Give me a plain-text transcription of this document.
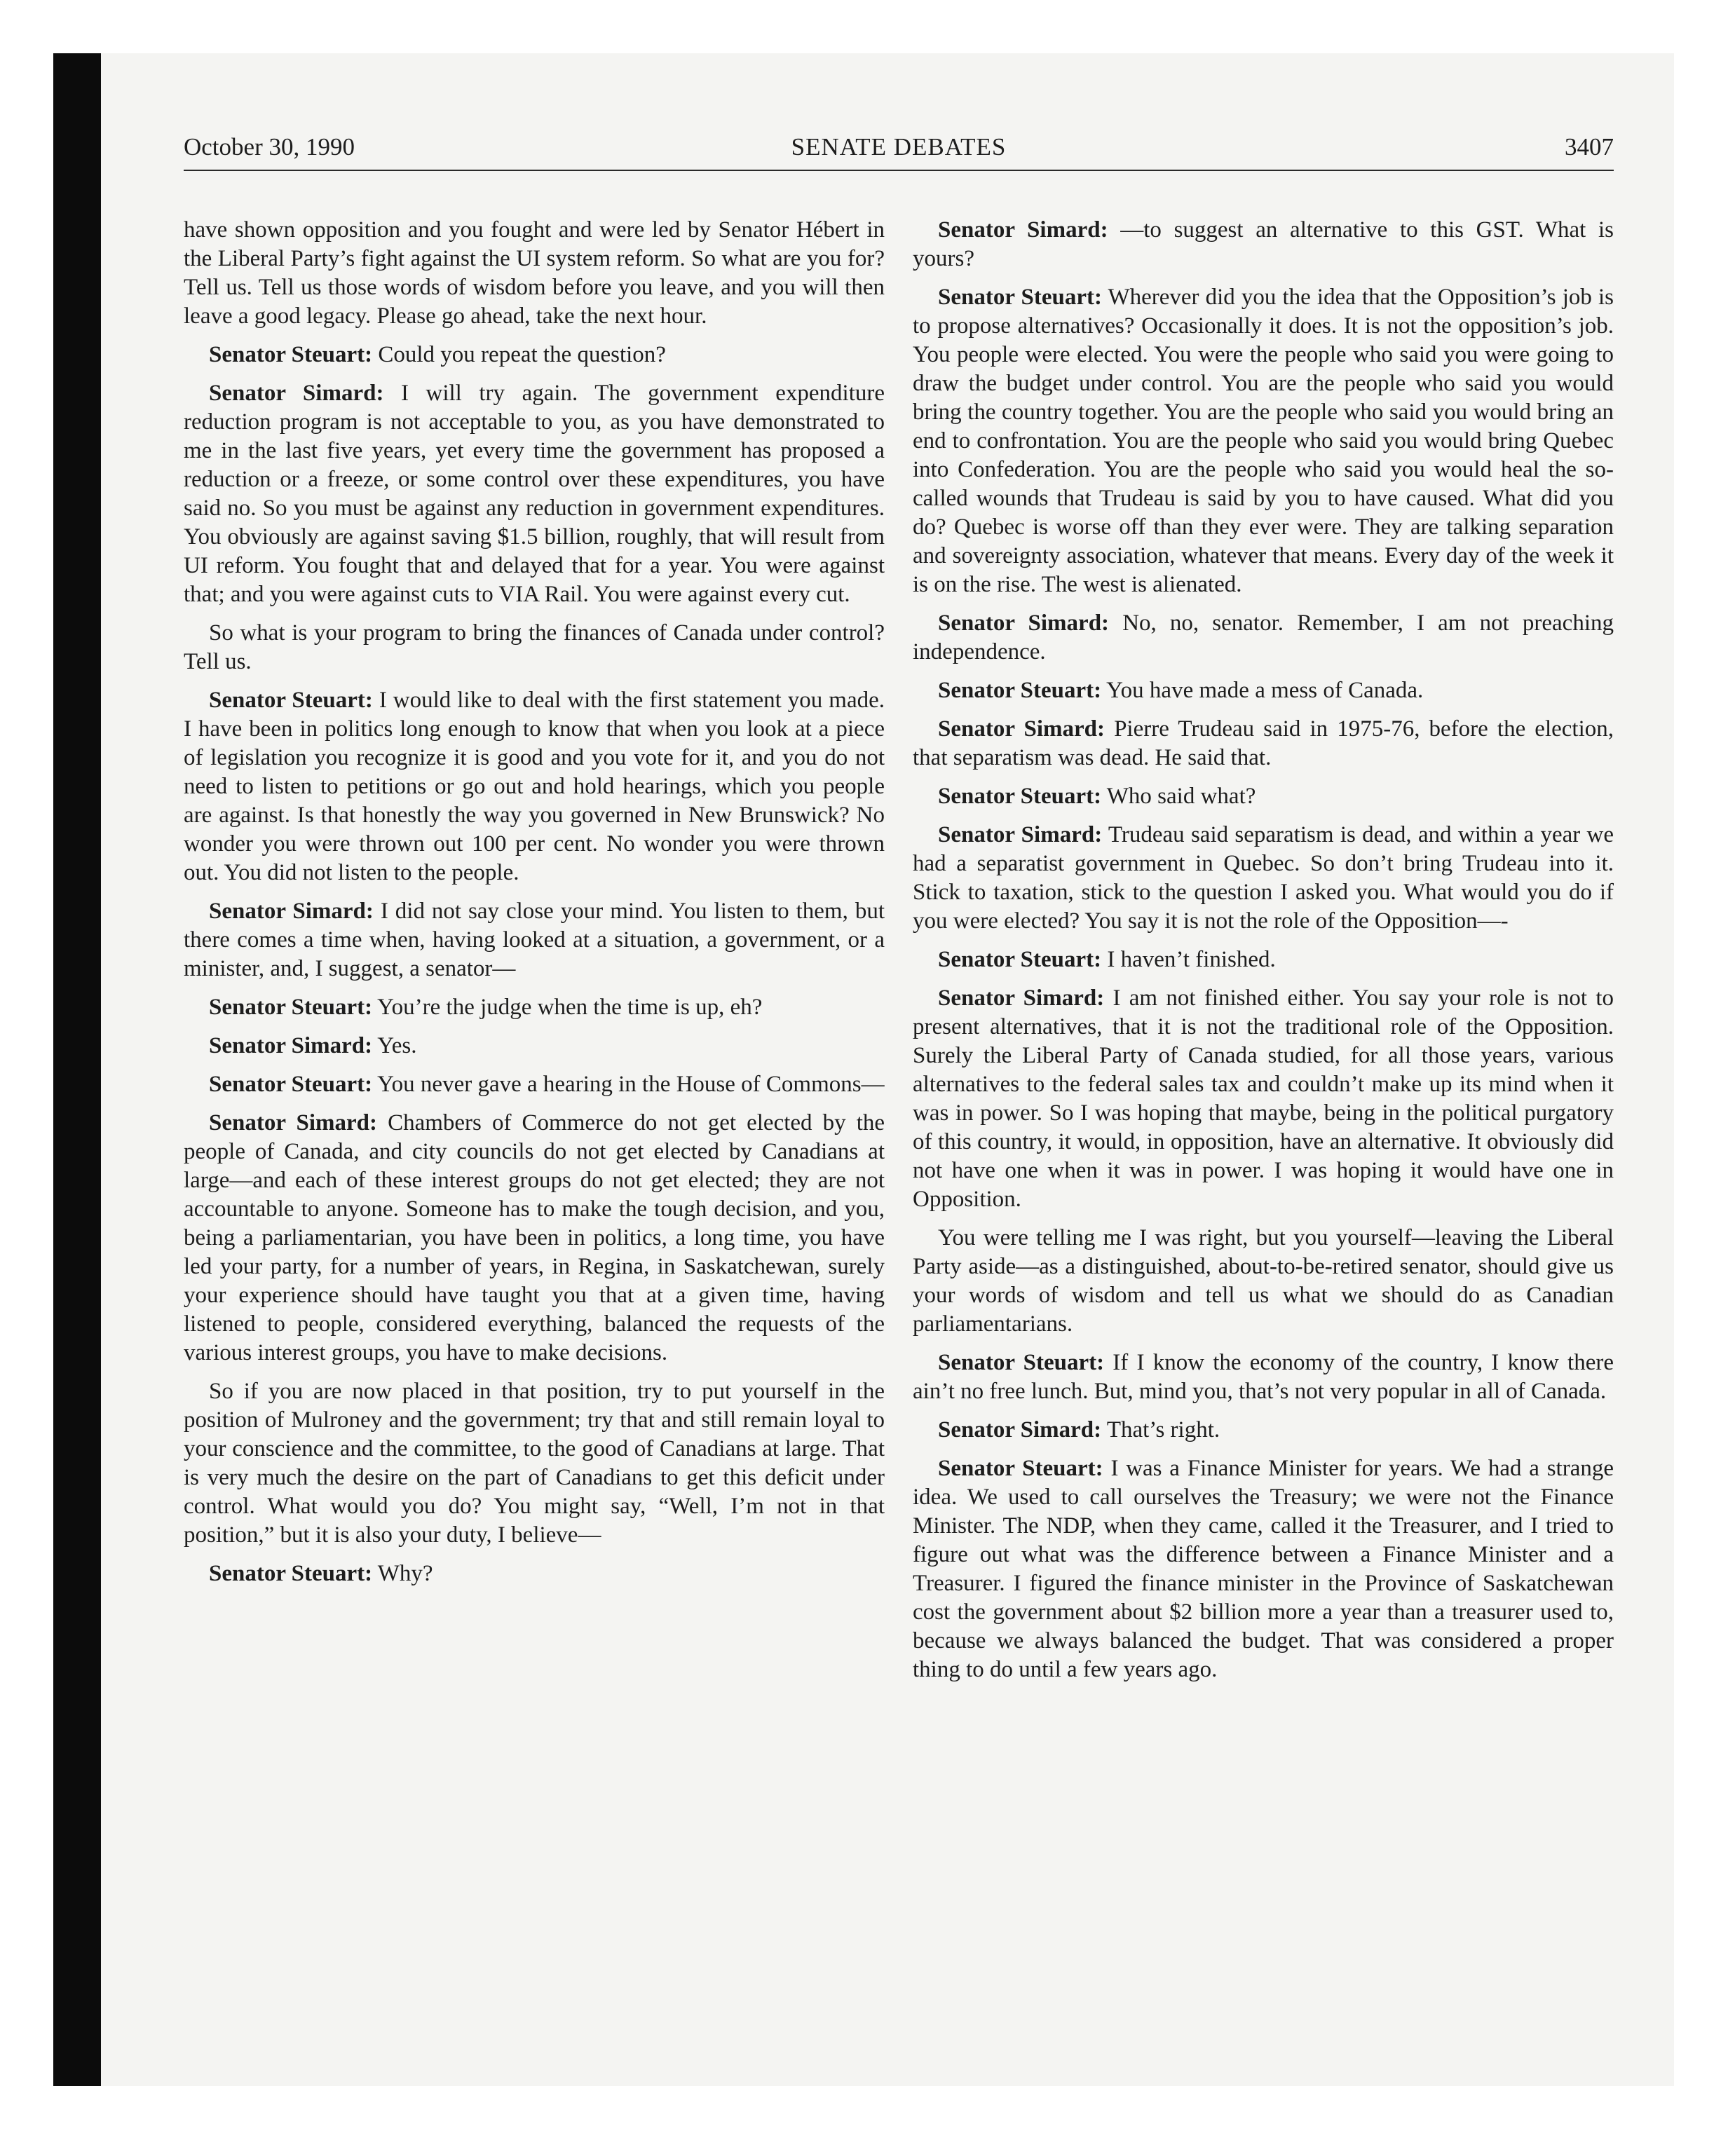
October 30, 1990	SENATE DEBATES	3407

have shown opposition and you fought and were led by Senator Hébert in the Liberal Party’s fight against the UI system reform. So what are you for? Tell us. Tell us those words of wisdom before you leave, and you will then leave a good legacy. Please go ahead, take the next hour.

Senator Steuart: Could you repeat the question?

Senator Simard: I will try again. The government expenditure reduction program is not acceptable to you, as you have demonstrated to me in the last five years, yet every time the government has proposed a reduction or a freeze, or some control over these expenditures, you have said no. So you must be against any reduction in government expenditures. You obviously are against saving $1.5 billion, roughly, that will result from UI reform. You fought that and delayed that for a year. You were against that; and you were against cuts to VIA Rail. You were against every cut.

So what is your program to bring the finances of Canada under control? Tell us.

Senator Steuart: I would like to deal with the first statement you made. I have been in politics long enough to know that when you look at a piece of legislation you recognize it is good and you vote for it, and you do not need to listen to petitions or go out and hold hearings, which you people are against. Is that honestly the way you governed in New Brunswick? No wonder you were thrown out 100 per cent. No wonder you were thrown out. You did not listen to the people.

Senator Simard: I did not say close your mind. You listen to them, but there comes a time when, having looked at a situation, a government, or a minister, and, I suggest, a senator—

Senator Steuart: You’re the judge when the time is up, eh?

Senator Simard: Yes.

Senator Steuart: You never gave a hearing in the House of Commons—

Senator Simard: Chambers of Commerce do not get elected by the people of Canada, and city councils do not get elected by Canadians at large—and each of these interest groups do not get elected; they are not accountable to anyone. Someone has to make the tough decision, and you, being a parliamentarian, you have been in politics, a long time, you have led your party, for a number of years, in Regina, in Saskatchewan, surely your experience should have taught you that at a given time, having listened to people, considered everything, balanced the requests of the various interest groups, you have to make decisions.

So if you are now placed in that position, try to put yourself in the position of Mulroney and the government; try that and still remain loyal to your conscience and the committee, to the good of Canadians at large. That is very much the desire on the part of Canadians to get this deficit under control. What would you do? You might say, “Well, I’m not in that position,” but it is also your duty, I believe—

Senator Steuart: Why?

Senator Simard: —to suggest an alternative to this GST. What is yours?

Senator Steuart: Wherever did you the idea that the Opposition’s job is to propose alternatives? Occasionally it does. It is not the opposition’s job. You people were elected. You were the people who said you were going to draw the budget under control. You are the people who said you would bring the country together. You are the people who said you would bring an end to confrontation. You are the people who said you would bring Quebec into Confederation. You are the people who said you would heal the so-called wounds that Trudeau is said by you to have caused. What did you do? Quebec is worse off than they ever were. They are talking separation and sovereignty association, whatever that means. Every day of the week it is on the rise. The west is alienated.

Senator Simard: No, no, senator. Remember, I am not preaching independence.

Senator Steuart: You have made a mess of Canada.

Senator Simard: Pierre Trudeau said in 1975-76, before the election, that separatism was dead. He said that.

Senator Steuart: Who said what?

Senator Simard: Trudeau said separatism is dead, and within a year we had a separatist government in Quebec. So don’t bring Trudeau into it. Stick to taxation, stick to the question I asked you. What would you do if you were elected? You say it is not the role of the Opposition—-

Senator Steuart: I haven’t finished.

Senator Simard: I am not finished either. You say your role is not to present alternatives, that it is not the traditional role of the Opposition. Surely the Liberal Party of Canada studied, for all those years, various alternatives to the federal sales tax and couldn’t make up its mind when it was in power. So I was hoping that maybe, being in the political purgatory of this country, it would, in opposition, have an alternative. It obviously did not have one when it was in power. I was hoping it would have one in Opposition.

You were telling me I was right, but you yourself—leaving the Liberal Party aside—as a distinguished, about-to-be-retired senator, should give us your words of wisdom and tell us what we should do as Canadian parliamentarians.

Senator Steuart: If I know the economy of the country, I know there ain’t no free lunch. But, mind you, that’s not very popular in all of Canada.

Senator Simard: That’s right.

Senator Steuart: I was a Finance Minister for years. We had a strange idea. We used to call ourselves the Treasury; we were not the Finance Minister. The NDP, when they came, called it the Treasurer, and I tried to figure out what was the difference between a Finance Minister and a Treasurer. I figured the finance minister in the Province of Saskatchewan cost the government about $2 billion more a year than a treasurer used to, because we always balanced the budget. That was considered a proper thing to do until a few years ago.
